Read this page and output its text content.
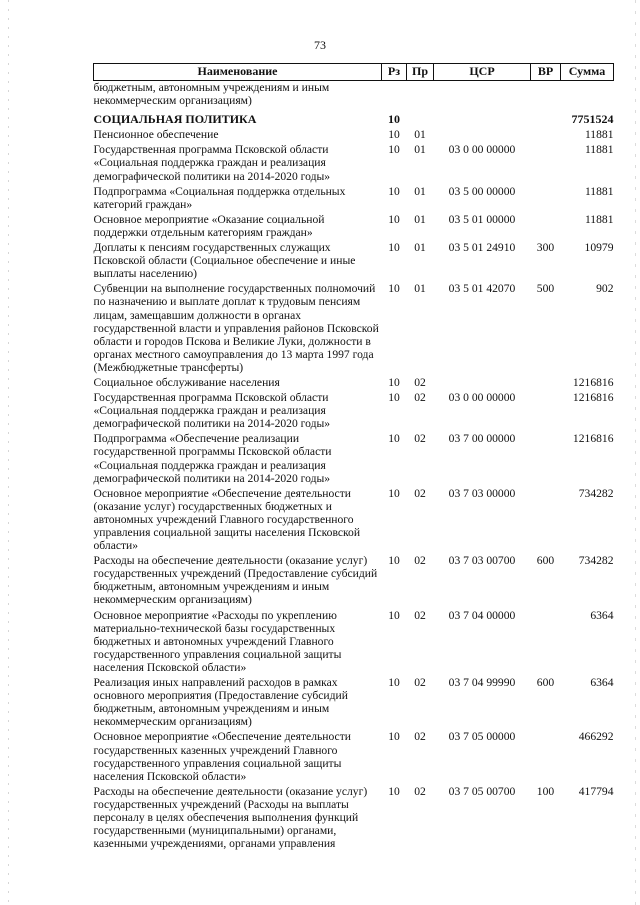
73
Наименование	Рз	Пр	ЦСР	ВР	Сумма
бюджетным, автономным учреждениям и иным некоммерческим организациям)					
СОЦИАЛЬНАЯ ПОЛИТИКА	10				7751524
Пенсионное обеспечение	10	01			11881
Государственная программа Псковской области «Социальная поддержка граждан и реализация демографической политики на 2014-2020 годы»	10	01	03 0 00 00000		11881
Подпрограмма «Социальная поддержка отдельных категорий граждан»	10	01	03 5 00 00000		11881
Основное мероприятие «Оказание социальной поддержки отдельным категориям граждан»	10	01	03 5 01 00000		11881
Доплаты к пенсиям государственных служащих Псковской области (Социальное обеспечение и иные выплаты населению)	10	01	03 5 01 24910	300	10979
Субвенции на выполнение государственных полномочий по назначению и выплате доплат к трудовым пенсиям лицам, замещавшим должности в органах государственной власти и управления районов Псковской области и городов Пскова и Великие Луки, должности в органах местного самоуправления до 13 марта 1997 года (Межбюджетные трансферты)	10	01	03 5 01 42070	500	902
Социальное обслуживание населения	10	02			1216816
Государственная программа Псковской области «Социальная поддержка граждан и реализация демографической политики на 2014-2020 годы»	10	02	03 0 00 00000		1216816
Подпрограмма «Обеспечение реализации государственной программы Псковской области «Социальная поддержка граждан и реализация демографической политики на 2014-2020 годы»	10	02	03 7 00 00000		1216816
Основное мероприятие «Обеспечение деятельности (оказание услуг) государственных бюджетных и автономных учреждений Главного государственного управления социальной защиты населения Псковской области»	10	02	03 7 03 00000		734282
Расходы на обеспечение деятельности (оказание услуг) государственных учреждений (Предоставление субсидий бюджетным, автономным учреждениям и иным некоммерческим организациям)	10	02	03 7 03 00700	600	734282
Основное мероприятие «Расходы по укреплению материально-технической базы государственных бюджетных и автономных учреждений Главного государственного управления социальной защиты населения Псковской области»	10	02	03 7 04 00000		6364
Реализация иных направлений расходов в рамках основного мероприятия (Предоставление субсидий бюджетным, автономным учреждениям и иным некоммерческим организациям)	10	02	03 7 04 99990	600	6364
Основное мероприятие «Обеспечение деятельности государственных казенных учреждений Главного государственного управления социальной защиты населения Псковской области»	10	02	03 7 05 00000		466292
Расходы на обеспечение деятельности (оказание услуг) государственных учреждений (Расходы на выплаты персоналу в целях обеспечения выполнения функций государственными (муниципальными) органами, казенными учреждениями, органами управления	10	02	03 7 05 00700	100	417794
